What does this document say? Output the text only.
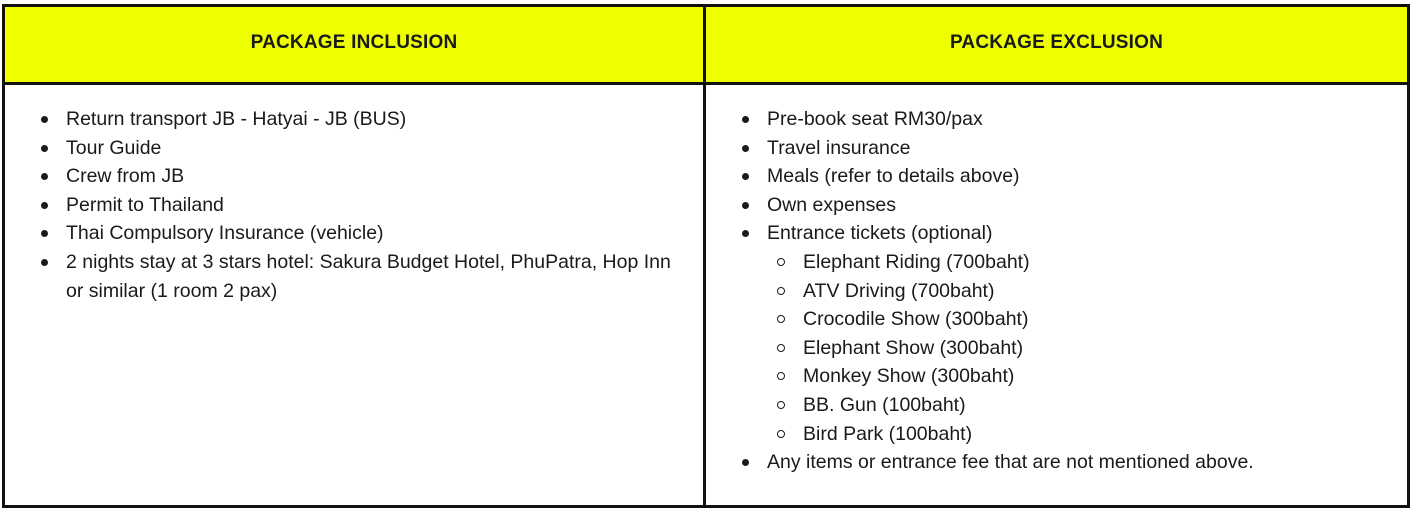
PACKAGE INCLUSION	PACKAGE EXCLUSION
Return transport JB - Hatyai - JB (BUS)
Tour Guide
Crew from JB
Permit to Thailand
Thai Compulsory Insurance (vehicle)
2 nights stay at 3 stars hotel: Sakura Budget Hotel, PhuPatra, Hop Inn or similar (1 room 2 pax)
Pre-book seat RM30/pax
Travel insurance
Meals (refer to details above)
Own expenses
Entrance tickets (optional)
Elephant Riding (700baht)
ATV Driving (700baht)
Crocodile Show (300baht)
Elephant Show (300baht)
Monkey Show (300baht)
BB. Gun (100baht)
Bird Park (100baht)
Any items or entrance fee that are not mentioned above.
